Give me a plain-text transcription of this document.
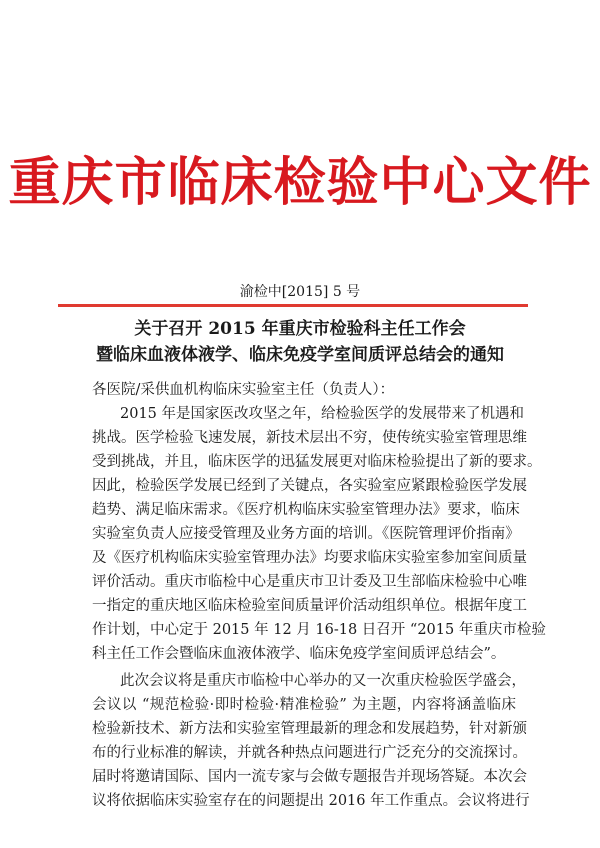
重庆市临床检验中心文件
渝检中[2015] 5 号
关于召开 2015 年重庆市检验科主任工作会
暨临床血液体液学、临床免疫学室间质评总结会的通知
各医院/采供血机构临床实验室主任（负责人）：
2015 年是国家医改攻坚之年，给检验医学的发展带来了机遇和
挑战。医学检验飞速发展，新技术层出不穷，使传统实验室管理思维
受到挑战，并且，临床医学的迅猛发展更对临床检验提出了新的要求。
因此，检验医学发展已经到了关键点，各实验室应紧跟检验医学发展
趋势、满足临床需求。《医疗机构临床实验室管理办法》要求，临床
实验室负责人应接受管理及业务方面的培训。《医院管理评价指南》
及《医疗机构临床实验室管理办法》均要求临床实验室参加室间质量
评价活动。重庆市临检中心是重庆市卫计委及卫生部临床检验中心唯
一指定的重庆地区临床检验室间质量评价活动组织单位。根据年度工
作计划，中心定于 2015 年 12 月 16-18 日召开 “2015 年重庆市检验
科主任工作会暨临床血液体液学、临床免疫学室间质评总结会”。
此次会议将是重庆市临检中心举办的又一次重庆检验医学盛会，
会议以 “规范检验·即时检验·精准检验” 为主题，内容将涵盖临床
检验新技术、新方法和实验室管理最新的理念和发展趋势，针对新颁
布的行业标准的解读，并就各种热点问题进行广泛充分的交流探讨。
届时将邀请国际、国内一流专家与会做专题报告并现场答疑。本次会
议将依据临床实验室存在的问题提出 2016 年工作重点。会议将进行
